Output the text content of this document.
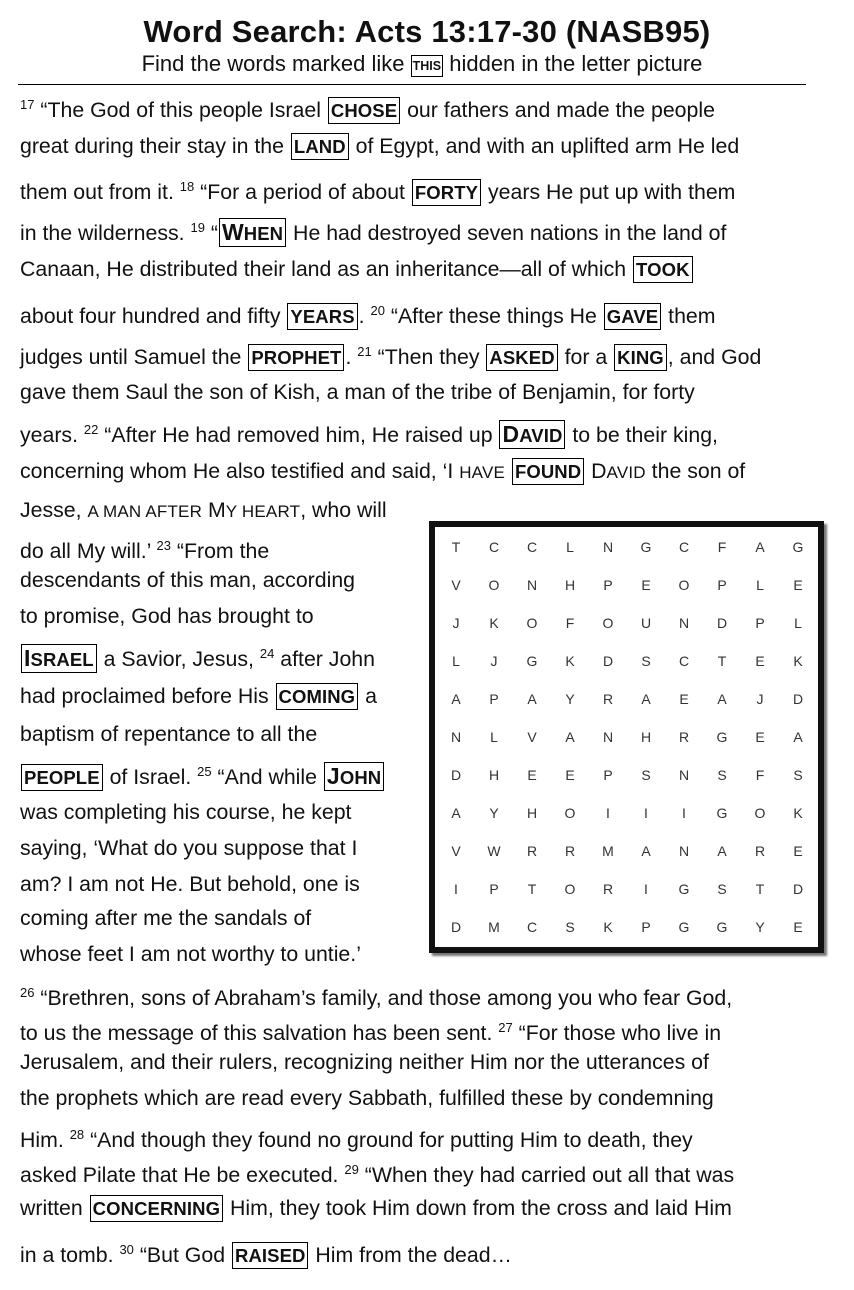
Word Search: Acts 13:17-30 (NASB95)
Find the words marked like THIS hidden in the letter picture
$^{17}$ “The God of this people Israel CHOSE our fathers and made the people
great during their stay in the LAND of Egypt, and with an uplifted arm He led
them out from it. $^{18}$ “For a period of about FORTY years He put up with them
in the wilderness. $^{19}$ “ WHEN He had destroyed seven nations in the land of
Canaan, He distributed their land as an inheritance—all of which TOOK
about four hundred and fifty YEARS . $^{20}$ “After these things He GAVE them
judges until Samuel the PROPHET . $^{21}$ “Then they ASKED for a KING , and God
gave them Saul the son of Kish, a man of the tribe of Benjamin, for forty
years. $^{22}$ “After He had removed him, He raised up DAVID to be their king,
concerning whom He also testified and said, ‘I HAVE FOUND DAVID the son of
Jesse, A MAN AFTER MY HEART, who will
do all My will.’ $^{23}$ “From the
descendants of this man, according
to promise, God has brought to
ISRAEL a Savior, Jesus, $^{24}$ after John
had proclaimed before His COMING a
baptism of repentance to all the
PEOPLE of Israel. $^{25}$ “And while JOHN
was completing his course, he kept
saying, ‘What do you suppose that I
am? I am not He. But behold, one is
coming after me the sandals of
whose feet I am not worthy to untie.’
$^{26}$ “Brethren, sons of Abraham’s family, and those among you who fear God,
to us the message of this salvation has been sent. $^{27}$ “For those who live in
Jerusalem, and their rulers, recognizing neither Him nor the utterances of
the prophets which are read every Sabbath, fulfilled these by condemning
Him. $^{28}$ “And though they found no ground for putting Him to death, they
asked Pilate that He be executed. $^{29}$ “When they had carried out all that was
written CONCERNING Him, they took Him down from the cross and laid Him
in a tomb. $^{30}$ “But God RAISED Him from the dead…
T	C	C	L	N	G	C	F	A	G
V	O	N	H	P	E	O	P	L	E
J	K	O	F	O	U	N	D	P	L
L	J	G	K	D	S	C	T	E	K
A	P	A	Y	R	A	E	A	J	D
N	L	V	A	N	H	R	G	E	A
D	H	E	E	P	S	N	S	F	S
A	Y	H	O	I	I	I	G	O	K
V	W	R	R	M	A	N	A	R	E
I	P	T	O	R	I	G	S	T	D
D	M	C	S	K	P	G	G	Y	E
